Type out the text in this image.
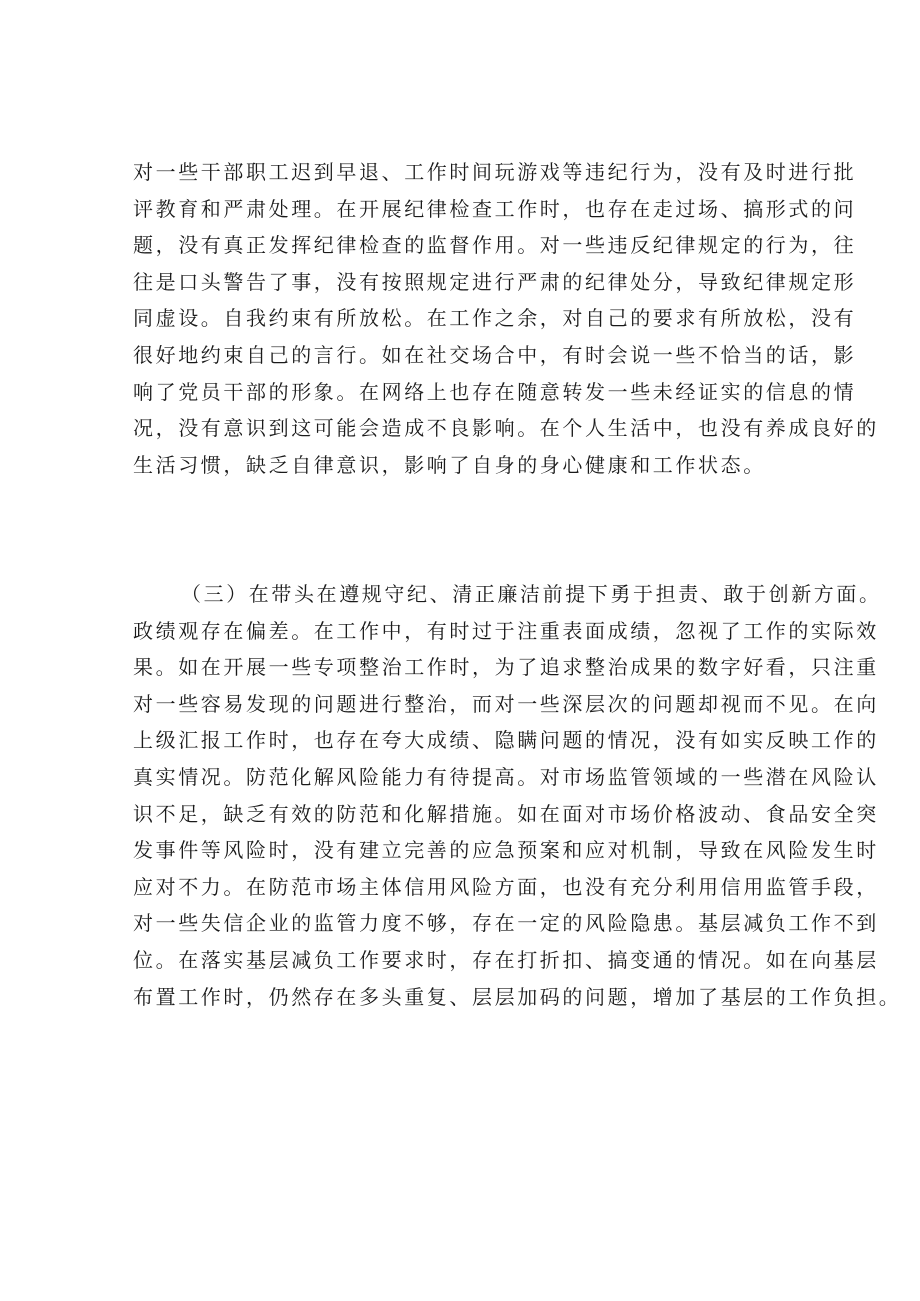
对一些干部职工迟到早退、工作时间玩游戏等违纪行为，没有及时进行批
评教育和严肃处理。在开展纪律检查工作时，也存在走过场、搞形式的问
题，没有真正发挥纪律检查的监督作用。对一些违反纪律规定的行为，往
往是口头警告了事，没有按照规定进行严肃的纪律处分，导致纪律规定形
同虚设。自我约束有所放松。在工作之余，对自己的要求有所放松，没有
很好地约束自己的言行。如在社交场合中，有时会说一些不恰当的话，影
响了党员干部的形象。在网络上也存在随意转发一些未经证实的信息的情
况，没有意识到这可能会造成不良影响。在个人生活中，也没有养成良好的
生活习惯，缺乏自律意识，影响了自身的身心健康和工作状态。
（三）在带头在遵规守纪、清正廉洁前提下勇于担责、敢于创新方面。
政绩观存在偏差。在工作中，有时过于注重表面成绩，忽视了工作的实际效
果。如在开展一些专项整治工作时，为了追求整治成果的数字好看，只注重
对一些容易发现的问题进行整治，而对一些深层次的问题却视而不见。在向
上级汇报工作时，也存在夸大成绩、隐瞒问题的情况，没有如实反映工作的
真实情况。防范化解风险能力有待提高。对市场监管领域的一些潜在风险认
识不足，缺乏有效的防范和化解措施。如在面对市场价格波动、食品安全突
发事件等风险时，没有建立完善的应急预案和应对机制，导致在风险发生时
应对不力。在防范市场主体信用风险方面，也没有充分利用信用监管手段，
对一些失信企业的监管力度不够，存在一定的风险隐患。基层减负工作不到
位。在落实基层减负工作要求时，存在打折扣、搞变通的情况。如在向基层
布置工作时，仍然存在多头重复、层层加码的问题，增加了基层的工作负担。
